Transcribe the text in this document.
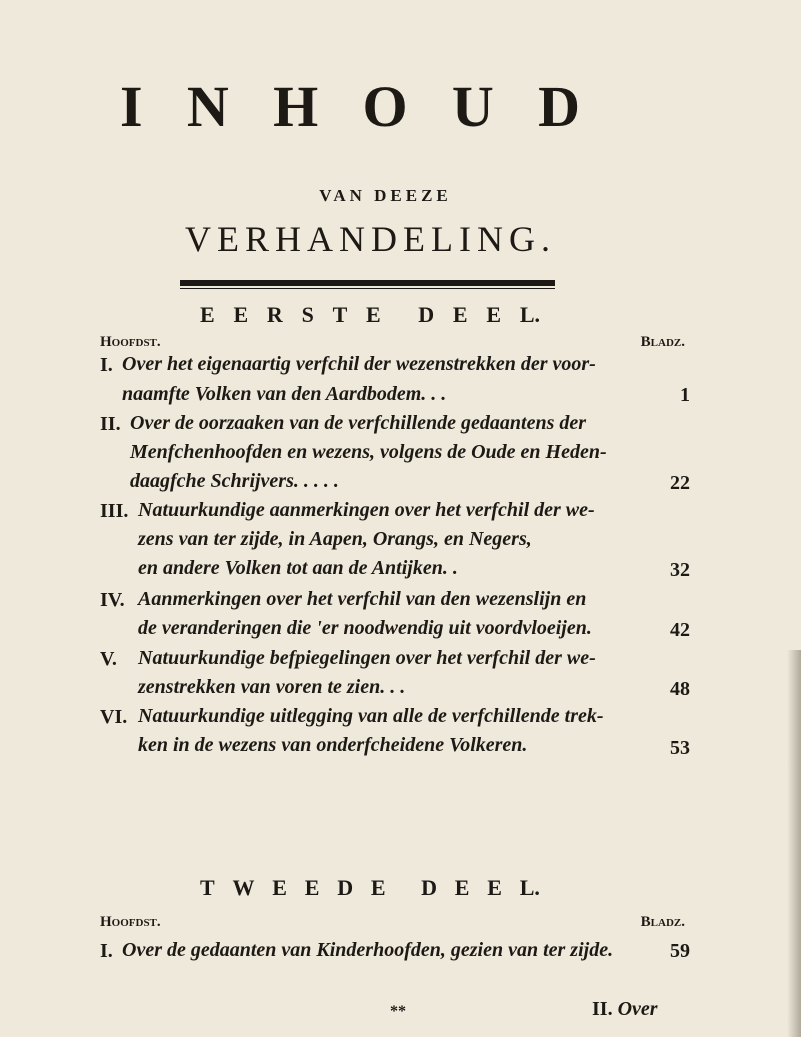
I N H O U D
VAN DEEZE
VERHANDELING.
E E R S T E D E E L.
Hoofdst.	Bladz.
I. Over het eigenaartig verfchil der wezenstrekken der voor-
naamfte Volken van den Aardbodem. . .	1
II. Over de oorzaaken van de verfchillende gedaantens der
Menfchenhoofden en wezens, volgens de Oude en Heden-
daagfche Schrijvers. . . . .	22
III. Natuurkundige aanmerkingen over het verfchil der we-
zens van ter zijde, in Aapen, Orangs, en Negers,
en andere Volken tot aan de Antijken. .	32
IV. Aanmerkingen over het verfchil van den wezenslijn en
de veranderingen die 'er noodwendig uit voordvloeijen.	42
V. Natuurkundige befpiegelingen over het verfchil der we-
zenstrekken van voren te zien. . .	48
VI. Natuurkundige uitlegging van alle de verfchillende trek-
ken in de wezens van onderfcheidene Volkeren.	53
T W E E D E D E E L.
Hoofdst.	Bladz.
I. Over de gedaanten van Kinderhoofden, gezien van ter zijde.	59
**	II. Over
